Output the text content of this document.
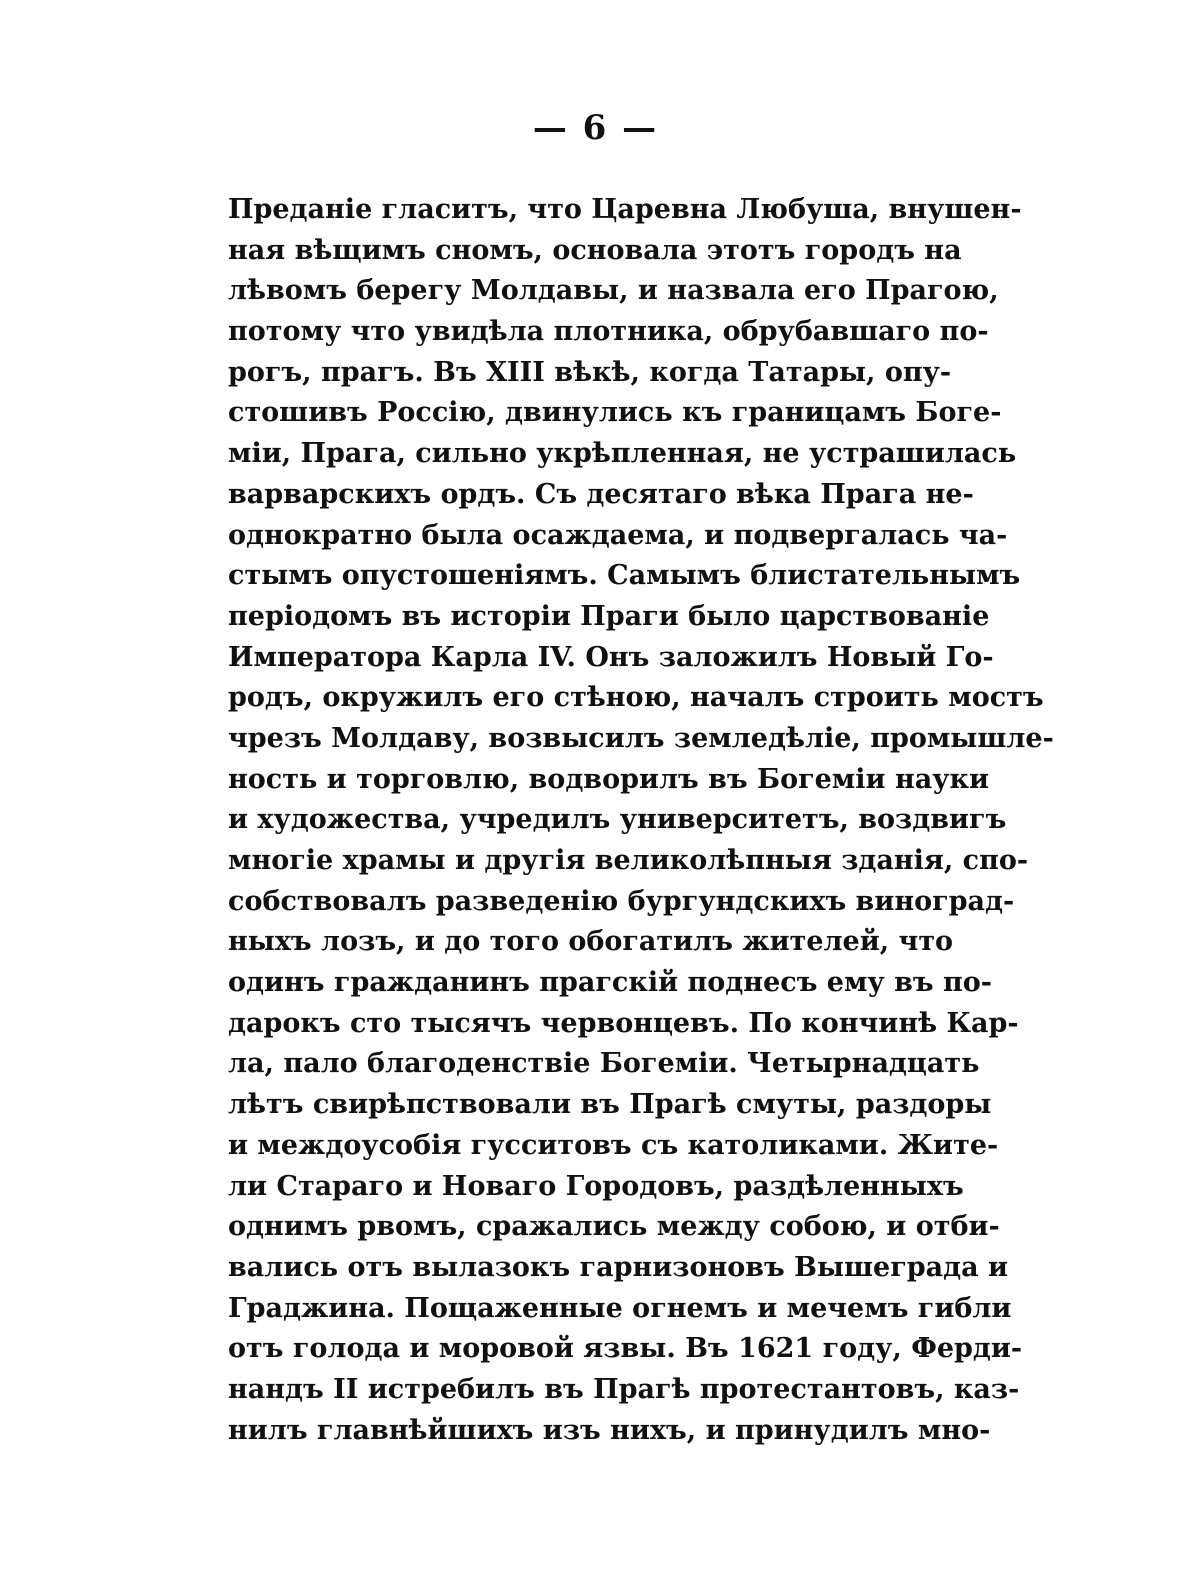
— 6 —
Преданіе гласитъ, что Царевна Любуша, внушен-
ная вѣщимъ сномъ, основала этотъ городъ на
лѣвомъ берегу Молдавы, и назвала его Прагою,
потому что увидѣла плотника, обрубавшаго по-
рогъ, прагъ. Въ XIII вѣкѣ, когда Татары, опу-
стошивъ Россію, двинулись къ границамъ Боге-
міи, Прага, сильно укрѣпленная, не устрашилась
варварскихъ ордъ. Съ десятаго вѣка Прага не-
однократно была осаждаема, и подвергалась ча-
стымъ опустошеніямъ. Самымъ блистательнымъ
періодомъ въ исторіи Праги было царствованіе
Императора Карла IV. Онъ заложилъ Новый Го-
родъ, окружилъ его стѣною, началъ строить мостъ
чрезъ Молдаву, возвысилъ земледѣліе, промышле-
ность и торговлю, водворилъ въ Богеміи науки
и художества, учредилъ университетъ, воздвигъ
многіе храмы и другія великолѣпныя зданія, спо-
собствовалъ разведенію бургундскихъ виноград-
ныхъ лозъ, и до того обогатилъ жителей, что
одинъ гражданинъ прагскій поднесъ ему въ по-
дарокъ сто тысячъ червонцевъ. По кончинѣ Кар-
ла, пало благоденствіе Богеміи. Четырнадцать
лѣтъ свирѣпствовали въ Прагѣ смуты, раздоры
и междоусобія гусситовъ съ католиками. Жите-
ли Стараго и Новаго Городовъ, раздѣленныхъ
однимъ рвомъ, сражались между собою, и отби-
вались отъ вылазокъ гарнизоновъ Вышеграда и
Граджина. Пощаженные огнемъ и мечемъ гибли
отъ голода и моровой язвы. Въ 1621 году, Ферди-
нандъ II истребилъ въ Прагѣ протестантовъ, каз-
нилъ главнѣйшихъ изъ нихъ, и принудилъ мно-
